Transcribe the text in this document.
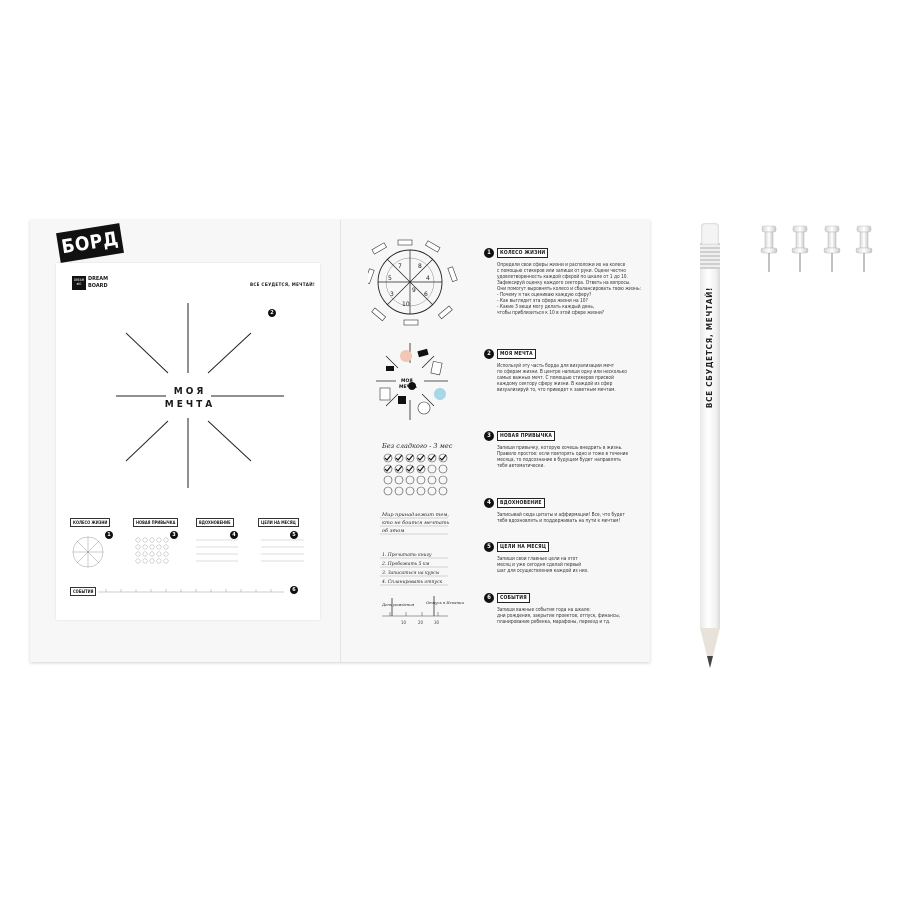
БОРД
DREAM
вЮ
DREAM
BOARD	ВСЕ СБУДЕТСЯ, МЕЧТАЙ!
2
МОЯ
МЕЧТА
КОЛЕСО ЖИЗНИ
1
НОВАЯ ПРИВЫЧКА
3
ВДОХНОВЕНИЕ
4
ЦЕЛИ НА МЕСЯЦ
5
СОБЫТИЯ	6
7	8
4
6
10
3
5
9
МОЯ
МЕЧТА
Без сладкого - 3 мес
Мир принадлежит тем,
кто не боится мечтать
об этом
1. Прочитать книгу
2. Пробежать 5 км
3. Записаться на курсы
4. Спланировать отпуск
10	20	30
День рождения	Отпуск в Испании
1	КОЛЕСО ЖИЗНИ
Определи свои сферы жизни и расположи их на колесе
с помощью стикеров или запиши от руки. Оцени честно
удовлетворенность каждой сферой по шкале от 1 до 10.
Зафиксируй оценку каждого сектора. Ответь на вопросы.
Они помогут выровнять колесо и сбалансировать твою жизнь:
- Почему я так оцениваю каждую сферу?
- Как выглядит эта сфера жизни на 10?
- Какие 3 вещи могу делать каждый день,
чтобы приблизиться к 10 в этой сфере жизни?
2	МОЯ МЕЧТА
Используй эту часть борда для визуализации мечт
по сферам жизни. В центре напиши одну или несколько
самых важных мечт. С помощью стикеров присвой
каждому сектору сферу жизни. В каждой из сфер
визуализируй то, что приведет к заветным мечтам.
3	НОВАЯ ПРИВЫЧКА
Запиши привычку, которую хочешь внедрить в жизнь.
Правило простое: если повторять одно и тоже в течение
месяца, то подсознание в будущем будет направлять
тебя автоматически.
4	ВДОХНОВЕНИЕ
Записывай сюда цитаты и аффирмации! Все, что будет
тебя вдохновлять и поддерживать на пути к мечтам!
5	ЦЕЛИ НА МЕСЯЦ
Запиши свои главные цели на этот
месяц и уже сегодня сделай первый
шаг для осуществления каждой из них.
6	СОБЫТИЯ
Запиши важные события года на шкале:
дни рождения, закрытие проектов, отпуск, финансы,
планирование ребенка, марафоны, переезд и тд.
ВСЕ СБУДЕТСЯ, МЕЧТАЙ!
